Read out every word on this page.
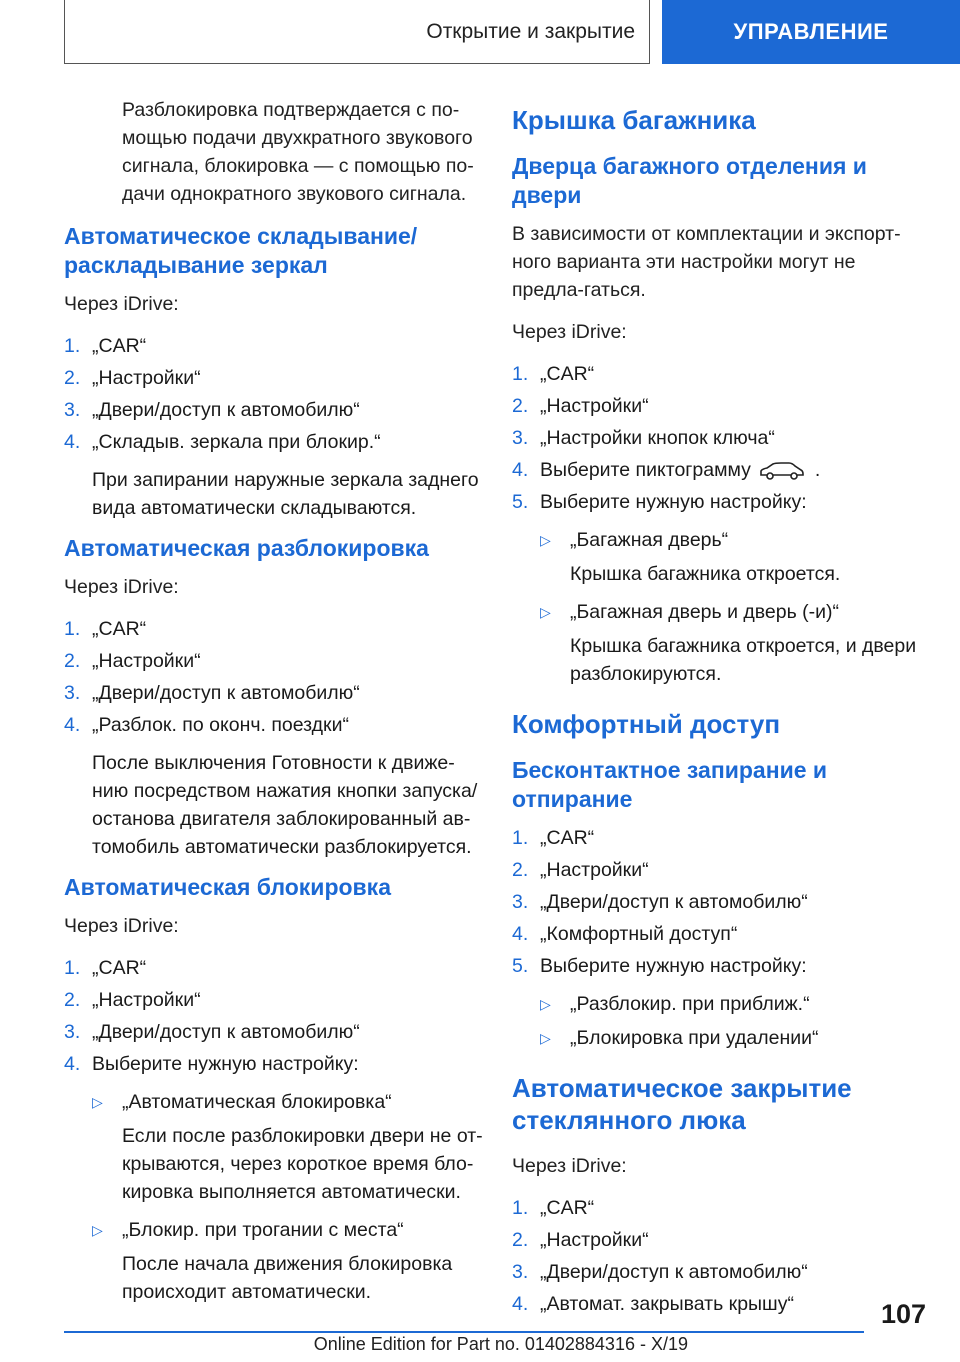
Открытие и закрытие	УПРАВЛЕНИЕ

Разблокировка подтверждается с по-мощью подачи двухкратного звукового сигнала, блокировка — с помощью по-дачи однократного звукового сигнала.

Автоматическое складывание/ раскладывание зеркал

Через iDrive:

1. „CAR“
2. „Настройки“
3. „Двери/доступ к автомобилю“
4. „Складыв. зеркала при блокир.“

При запирании наружные зеркала заднего вида автоматически складываются.

Автоматическая разблокировка

Через iDrive:

1. „CAR“
2. „Настройки“
3. „Двери/доступ к автомобилю“
4. „Разблок. по оконч. поездки“

После выключения Готовности к движе-нию посредством нажатия кнопки запуска/ останова двигателя заблокированный ав-томобиль автоматически разблокируется.

Автоматическая блокировка

Через iDrive:

1. „CAR“
2. „Настройки“
3. „Двери/доступ к автомобилю“
4. Выберите нужную настройку:
▷ „Автоматическая блокировка“

Если после разблокировки двери не от-крываются, через короткое время бло-кировка выполняется автоматически.

▷ „Блокир. при трогании с места“

После начала движения блокировка происходит автоматически.

Крышка багажника
Дверца багажного отделения и двери

В зависимости от комплектации и экспорт-ного варианта эти настройки могут не предла-гаться.

Через iDrive:

1. „CAR“
2. „Настройки“
3. „Настройки кнопок ключа“
4. Выберите пиктограмму	.
5. Выберите нужную настройку:
▷ „Багажная дверь“

Крышка багажника откроется.

▷ „Багажная дверь и дверь (-и)“

Крышка багажника откроется, и двери разблокируются.

Комфортный доступ
Бесконтактное запирание и отпирание
1. „CAR“
2. „Настройки“
3. „Двери/доступ к автомобилю“
4. „Комфортный доступ“
5. Выберите нужную настройку:
▷ „Разблокир. при приближ.“
▷ „Блокировка при удалении“
Автоматическое закрытие стеклянного люка

Через iDrive:

1. „CAR“
2. „Настройки“
3. „Двери/доступ к автомобилю“
4. „Автомат. закрывать крышу“	107
Online Edition for Part no. 01402884316 - X/19
